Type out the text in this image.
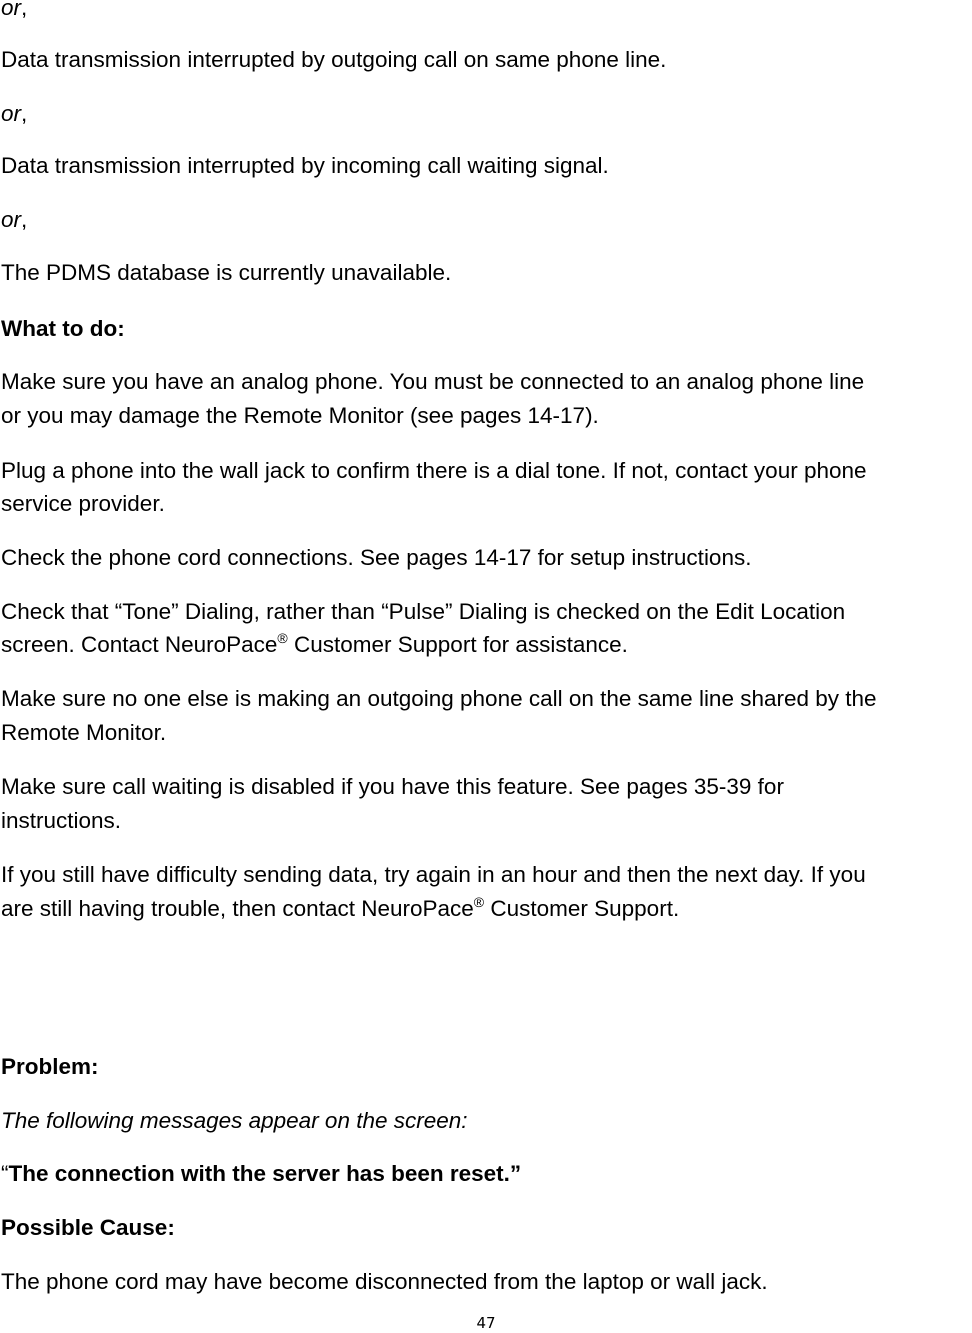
or,
Data transmission interrupted by outgoing call on same phone line.
or,
Data transmission interrupted by incoming call waiting signal.
or,
The PDMS database is currently unavailable.
What to do:
Make sure you have an analog phone. You must be connected to an analog phone line
or you may damage the Remote Monitor (see pages 14-17).
Plug a phone into the wall jack to confirm there is a dial tone. If not, contact your phone
service provider.
Check the phone cord connections. See pages 14-17 for setup instructions.
Check that “Tone” Dialing, rather than “Pulse” Dialing is checked on the Edit Location
screen. Contact NeuroPace® Customer Support for assistance.
Make sure no one else is making an outgoing phone call on the same line shared by the
Remote Monitor.
Make sure call waiting is disabled if you have this feature. See pages 35-39 for
instructions.
If you still have difficulty sending data, try again in an hour and then the next day. If you
are still having trouble, then contact NeuroPace® Customer Support.
Problem:
The following messages appear on the screen:
“The connection with the server has been reset.”
Possible Cause:
The phone cord may have become disconnected from the laptop or wall jack.
47
